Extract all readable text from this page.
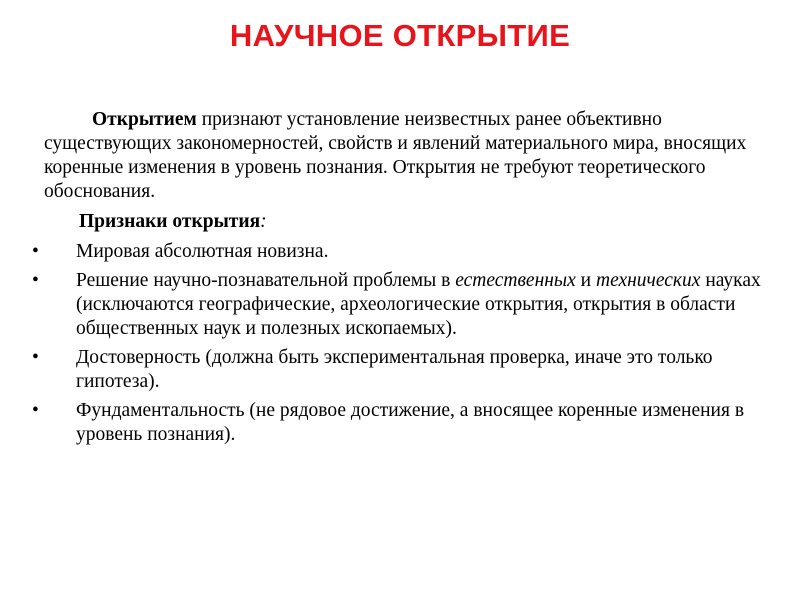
НАУЧНОЕ ОТКРЫТИЕ

Открытием признают установление неизвестных ранее объективно существующих закономерностей, свойств и явлений материального мира, вносящих коренные изменения в уровень познания. Открытия не требуют теоретического обоснования.

Признаки открытия:

• Мировая абсолютная новизна.
• Решение научно-познавательной проблемы в естественных и технических науках (исключаются географические, археологические открытия, открытия в области общественных наук и полезных ископаемых).
• Достоверность (должна быть экспериментальная проверка, иначе это только гипотеза).
• Фундаментальность (не рядовое достижение, а вносящее коренные изменения в уровень познания).
